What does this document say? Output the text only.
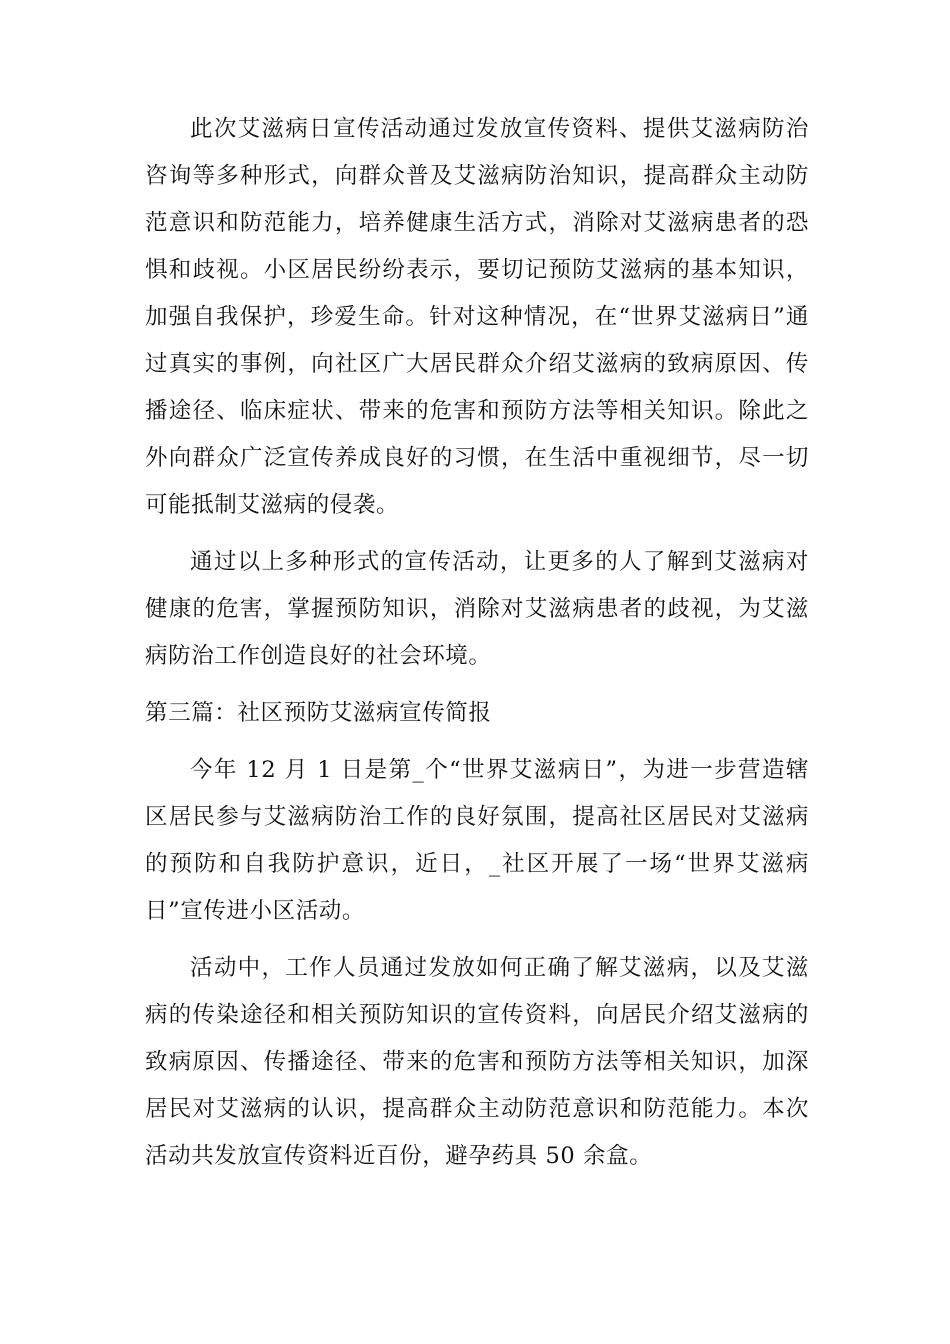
此次艾滋病日宣传活动通过发放宣传资料、提供艾滋病防治咨询等多种形式，向群众普及艾滋病防治知识，提高群众主动防范意识和防范能力，培养健康生活方式，消除对艾滋病患者的恐惧和歧视。小区居民纷纷表示，要切记预防艾滋病的基本知识，加强自我保护，珍爱生命。针对这种情况，在“世界艾滋病日”通过真实的事例，向社区广大居民群众介绍艾滋病的致病原因、传播途径、临床症状、带来的危害和预防方法等相关知识。除此之外向群众广泛宣传养成良好的习惯，在生活中重视细节，尽一切可能抵制艾滋病的侵袭。

通过以上多种形式的宣传活动，让更多的人了解到艾滋病对健康的危害，掌握预防知识，消除对艾滋病患者的歧视，为艾滋病防治工作创造良好的社会环境。

第三篇：社区预防艾滋病宣传简报

今年 12 月 1 日是第_个“世界艾滋病日”，为进一步营造辖区居民参与艾滋病防治工作的良好氛围，提高社区居民对艾滋病的预防和自我防护意识，近日，_社区开展了一场“世界艾滋病日”宣传进小区活动。

活动中，工作人员通过发放如何正确了解艾滋病，以及艾滋病的传染途径和相关预防知识的宣传资料，向居民介绍艾滋病的致病原因、传播途径、带来的危害和预防方法等相关知识，加深居民对艾滋病的认识，提高群众主动防范意识和防范能力。本次活动共发放宣传资料近百份，避孕药具 50 余盒。
